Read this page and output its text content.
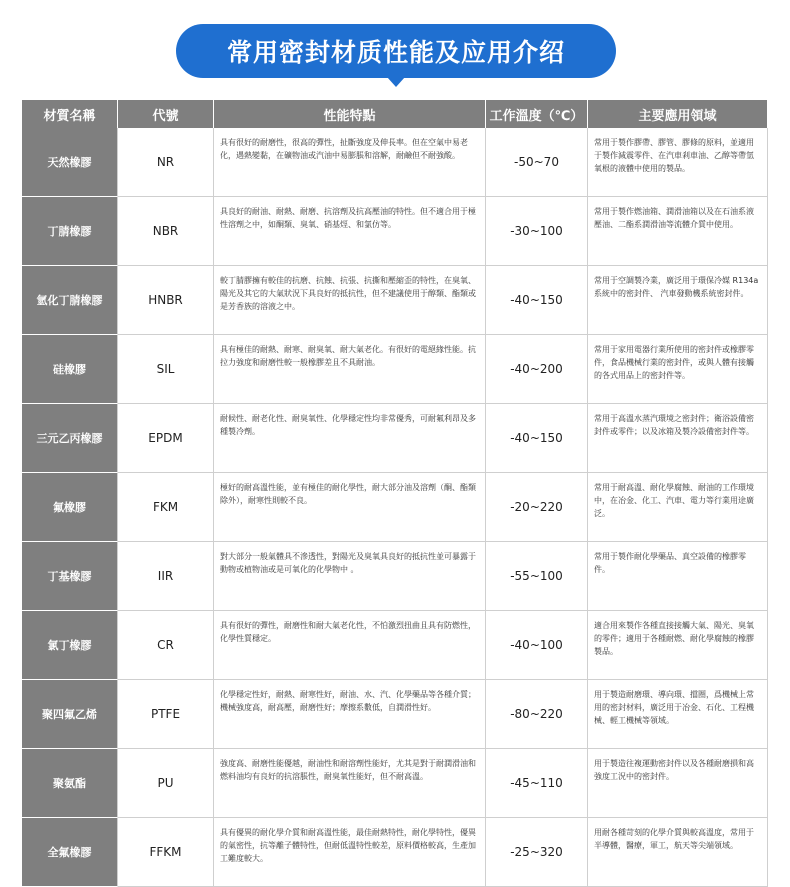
常用密封材质性能及应用介绍
材質名稱	代號	性能特點	工作溫度（℃）	主要應用領域
天然橡膠	NR	具有很好的耐磨性，很高的彈性，扯斷強度及伸長率。但在空氣中易老化，遇熱變黏，在礦物油或汽油中易膨脹和溶解，耐鹼但不耐強酸。	-50~70	常用于製作膠帶、膠管、膠條的原料，並適用于製作減震零件、在汽車剎車油、乙醇等帶氫氧根的液體中使用的製品。
丁腈橡膠	NBR	具良好的耐油、耐熱、耐磨、抗溶劑及抗高壓油的特性。但不適合用于極性溶劑之中，如酮類、臭氧、硝基烴、和氯仿等。	-30~100	常用于製作燃油箱、潤滑油箱以及在石油系液壓油、二酯系潤滑油等流體介質中使用。
氫化丁腈橡膠	HNBR	較丁腈膠擁有較佳的抗磨、抗蝕、抗張、抗撕和壓縮歪的特性，在臭氧、陽光及其它的大氣狀況下具良好的抵抗性，但不建議使用于醇類、酯類或是芳香族的溶液之中。	-40~150	常用于空調製冷業，廣泛用于環保冷媒 R134a系統中的密封件、 汽車發動機系統密封件。
硅橡膠	SIL	具有極佳的耐熱、耐寒、耐臭氧、耐大氣老化。有很好的電絕緣性能。抗拉力強度和耐磨性較一般橡膠差且不具耐油。	-40~200	常用于家用電器行業所使用的密封件或橡膠零件，食品機械行業的密封件，或與人體有接觸的各式用品上的密封件等。
三元乙丙橡膠	EPDM	耐候性、耐老化性、耐臭氧性、化學穩定性均非常優秀，可耐氟利昂及多種製冷劑。	-40~150	常用于高溫水蒸汽環境之密封件；衛浴設備密封件或零件；以及冰箱及製冷設備密封件等。
氟橡膠	FKM	極好的耐高溫性能，並有極佳的耐化學性，耐大部分油及溶劑（酮、酯類除外），耐寒性則較不良。	-20~220	常用于耐高溫、耐化學腐蝕、耐油的工作環境中，在冶金、化工、汽車、電力等行業用途廣泛。
丁基橡膠	IIR	對大部分一般氣體具不滲透性，對陽光及臭氧具良好的抵抗性並可暴露于動物或植物油或是可氧化的化學物中 。	-55~100	常用于製作耐化學藥品、真空設備的橡膠零件。
氯丁橡膠	CR	具有很好的彈性，耐磨性和耐大氣老化性，不怕激烈扭曲且具有防燃性，化學性質穩定。	-40~100	適合用來製作各種直接接觸大氣、陽光、臭氧的零件；適用于各種耐燃、耐化學腐蝕的橡膠製品。
聚四氟乙烯	PTFE	化學穩定性好，耐熱、耐寒性好，耐油、水、汽、化學藥品等各種介質；機械強度高，耐高壓，耐磨性好；摩擦系數低，自潤滑性好。	-80~220	用于製造耐磨環、導向環、擋圈，爲機械上常用的密封材料，廣泛用于冶金、石化、工程機械、輕工機械等領域。
聚氨酯	PU	強度高、耐磨性能優越，耐油性和耐溶劑性能好，尤其是對于耐潤滑油和燃料油均有良好的抗溶脹性，耐臭氧性能好，但不耐高溫。	-45~110	用于製造往複運動密封件以及各種耐磨損和高強度工況中的密封件。
全氟橡膠	FFKM	具有優異的耐化學介質和耐高溫性能，最佳耐熱特性，耐化學特性，優異的氣密性，抗等離子體特性，但耐低溫特性較差，原料價格較高，生產加工難度較大。	-25~320	用耐各種苛刻的化學介質與較高溫度，常用于半導體，醫療，軍工，航天等尖端領域。
